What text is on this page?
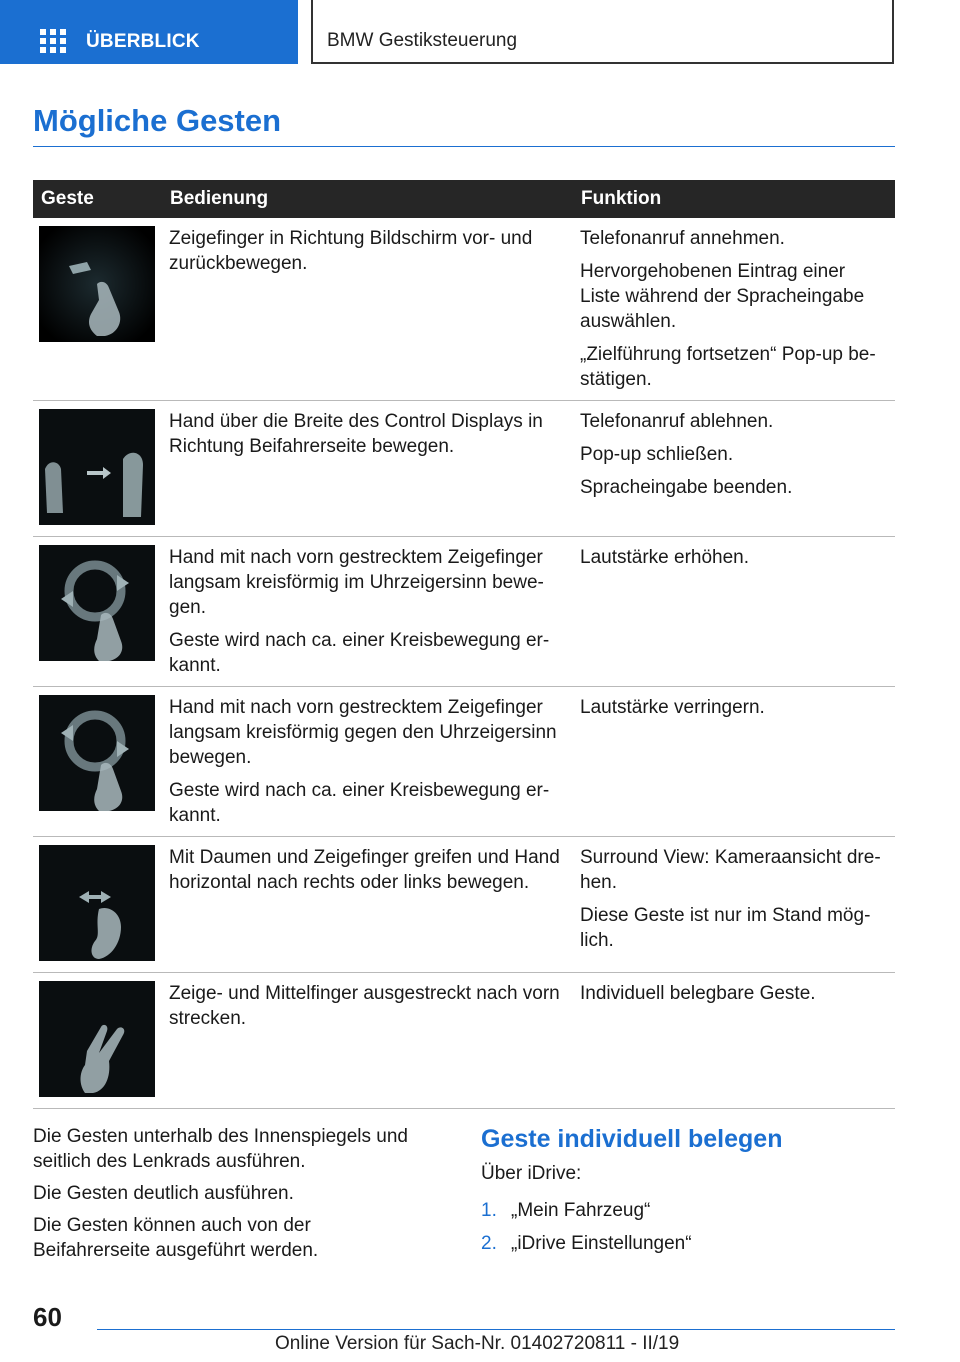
ÜBERBLICK	BMW Gestiksteuerung
Mögliche Gesten
Geste	Bedienung	Funktion

Zeigefinger in Richtung Bildschirm vor- und zurückbewegen.	Telefonanruf annehmen.

Hervorgehobenen Eintrag einer Liste während der Spracheingabe auswählen.

„Zielführung fortsetzen“ Pop-up bestätigen.

Hand über die Breite des Control Displays in Richtung Beifahrerseite bewegen.	Telefonanruf ablehnen.

Pop-up schließen.

Spracheingabe beenden.

Hand mit nach vorn gestrecktem Zeigefinger langsam kreisförmig im Uhrzeigersinn bewegen.

Geste wird nach ca. einer Kreisbewegung erkannt.	Lautstärke erhöhen.

Hand mit nach vorn gestrecktem Zeigefinger langsam kreisförmig gegen den Uhrzeigersinn bewegen.

Geste wird nach ca. einer Kreisbewegung erkannt.	Lautstärke verringern.

Mit Daumen und Zeigefinger greifen und Hand horizontal nach rechts oder links bewegen.	Surround View: Kameraansicht drehen.

Diese Geste ist nur im Stand möglich.

Zeige- und Mittelfinger ausgestreckt nach vorn strecken.	Individuell belegbare Geste.

Die Gesten unterhalb des Innenspiegels und seitlich des Lenkrads ausführen.

Die Gesten deutlich ausführen.

Die Gesten können auch von der Beifahrerseite ausgeführt werden.

Geste individuell belegen

Über iDrive:

1. „Mein Fahrzeug“
2. „iDrive Einstellungen“
60
Online Version für Sach-Nr. 01402720811 - II/19
